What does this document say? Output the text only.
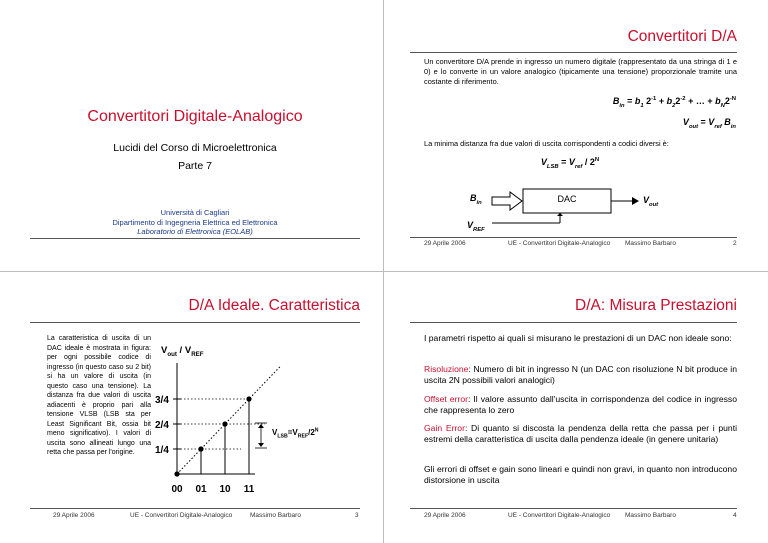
Convertitori Digitale-Analogico
Lucidi del Corso di Microelettronica
Parte 7
Università di Cagliari
Dipartimento di Ingegneria Elettrica ed Elettronica
Laboratorio di Elettronica (EOLAB)
Convertitori D/A
Un convertitore D/A prende in ingresso un numero digitale (rappresentato da una stringa di 1 e 0) e lo converte in un valore analogico (tipicamente una tensione) proporzionale tramite una costante di riferimento.
$B_{in} = b_1$ $2^{-1} + b_22^{-2}$ + … + $b_N2^{-N}$
$V_{out} = V_{ref}$ $B_{in}$
La minima distanza fra due valori di uscita corrispondenti a codici diversi è:
$V_{LSB} = V_{ref} / 2^N$
DAC
$B_{in}$	$V_{out}$
$V_{REF}$
29 Aprile 2006	UE - Convertitori Digitale-Analogico Massimo Barbaro	2
D/A Ideale. Caratteristica
La caratteristica di uscita di un DAC ideale è mostrata in figura: per ogni possibile codice di ingresso (in questo caso su 2 bit) si ha un valore di uscita (in questo caso una tensione). La distanza fra due valori di uscita adiacenti è proprio pari alla tensione VLSB (LSB sta per Least Significant Bit, ossia bit meno significativo). I valori di uscita sono allineati lungo una retta che passa per l'origine.	1/4
2/4
3/4
00 01 10 11
$V_{out} / V_{REF}$
$V_{LSB}=V_{REF}/2^N$
29 Aprile 2006	UE - Convertitori Digitale-Analogico	Massimo Barbaro	3
D/A: Misura Prestazioni
I parametri rispetto ai quali si misurano le prestazioni di un DAC non ideale sono:
Risoluzione: Numero di bit in ingresso N (un DAC con risoluzione N bit produce in uscita 2N possibili valori analogici)
Offset error: Il valore assunto dall'uscita in corrispondenza del codice in ingresso che rappresenta lo zero
Gain Error: Di quanto si discosta la pendenza della retta che passa per i punti estremi della caratteristica di uscita dalla pendenza ideale (in genere unitaria)
Gli errori di offset e gain sono lineari e quindi non gravi, in quanto non introducono distorsione in uscita
29 Aprile 2006	UE - Convertitori Digitale-Analogico Massimo Barbaro	4
